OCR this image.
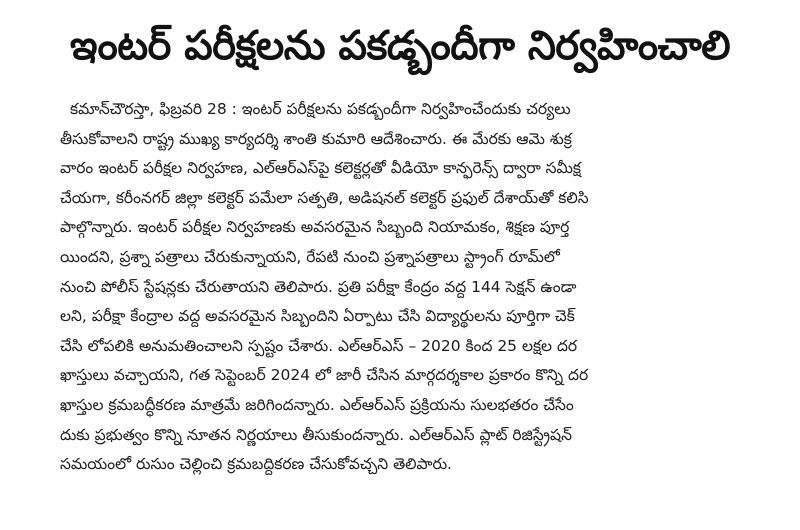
ఇంటర్ పరీక్షలను పకడ్బందీగా నిర్వహించాలి
కమాన్‌చౌరస్తా, ఫిబ్రవరి 28 : ఇంటర్ పరీక్షలను పకడ్బందీగా నిర్వహించేందుకు చర్యలు
తీసుకోవాలని రాష్ట్ర ముఖ్య కార్యదర్శి శాంతి కుమారి ఆదేశించారు. ఈ మేరకు ఆమె శుక్ర
వారం ఇంటర్ పరీక్షల నిర్వహణ, ఎల్‌ఆర్‌ఎస్‌పై కలెక్టర్లతో వీడియో కాన్ఫరెన్స్ ద్వారా సమీక్ష
చేయగా, కరీంనగర్ జిల్లా కలెక్టర్ పమేలా సత్పతి, అడిషనల్ కలెక్టర్ ప్రఫుల్ దేశాయ్‌తో కలిసి
పాల్గొన్నారు. ఇంటర్ పరీక్షల నిర్వహణకు అవసరమైన సిబ్బంది నియామకం, శిక్షణ పూర్త
యిందని, ప్రశ్నా పత్రాలు చేరుకున్నాయని, రేపటి నుంచి ప్రశ్నాపత్రాలు స్ట్రాంగ్ రూమ్‌లో
నుంచి పోలీస్ స్టేషన్లకు చేరుతాయని తెలిపారు. ప్రతి పరీక్షా కేంద్రం వద్ద 144 సెక్షన్ ఉండా
లని, పరీక్షా కేంద్రాల వద్ద అవసరమైన సిబ్బందిని ఏర్పాటు చేసి విద్యార్థులను పూర్తిగా చెక్
చేసి లోపలికి అనుమతించాలని స్పష్టం చేశారు. ఎల్‌ఆర్‌ఎస్ – 2020 కింద 25 లక్షల దర
ఖాస్తులు వచ్చాయని, గత సెప్టెంబర్ 2024 లో జారీ చేసిన మార్గదర్శకాల ప్రకారం కొన్ని దర
ఖాస్తుల క్రమబద్ధీకరణ మాత్రమే జరిగిందన్నారు. ఎల్‌ఆర్‌ఎస్ ప్రక్రియను సులభతరం చేసేం
దుకు ప్రభుత్వం కొన్ని నూతన నిర్ణయాలు తీసుకుందన్నారు. ఎల్‌ఆర్‌ఎస్ ప్లాట్ రిజిస్ట్రేషన్
సమయంలో రుసుం చెల్లించి క్రమబద్దికరణ చేసుకోవచ్చని తెలిపారు.
